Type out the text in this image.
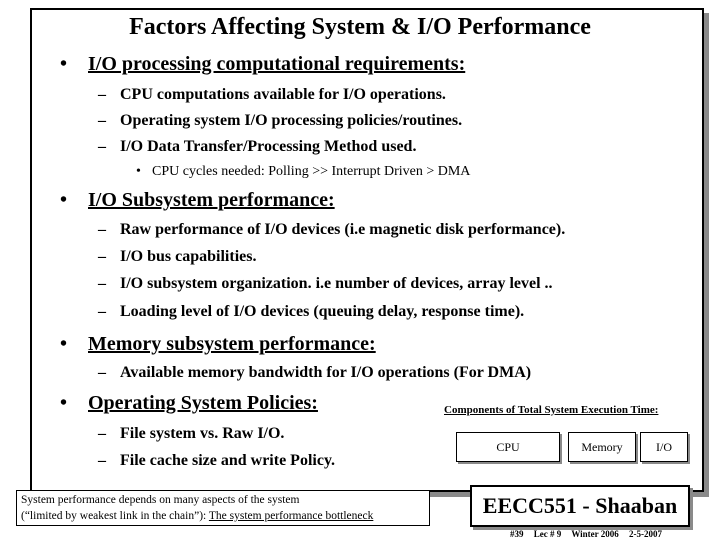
Factors Affecting System & I/O Performance
• I/O processing computational requirements:
– CPU computations available for I/O operations.
– Operating system I/O processing policies/routines.
– I/O Data Transfer/Processing Method used.
• CPU cycles needed: Polling >> Interrupt Driven > DMA
• I/O Subsystem performance:
– Raw performance of I/O devices (i.e magnetic disk performance).
– I/O bus capabilities.
– I/O subsystem organization. i.e number of devices, array level ..
– Loading level of I/O devices (queuing delay, response time).
• Memory subsystem performance:
– Available memory bandwidth for I/O operations (For DMA)
• Operating System Policies:
– File system vs. Raw I/O.
– File cache size and write Policy.
Components of Total System Execution Time:
CPU	Memory	I/O
System performance depends on many aspects of the system
(“limited by weakest link in the chain”): The system performance bottleneck	EECC551 - Shaaban
#39 Lec # 9 Winter 2006 2-5-2007
